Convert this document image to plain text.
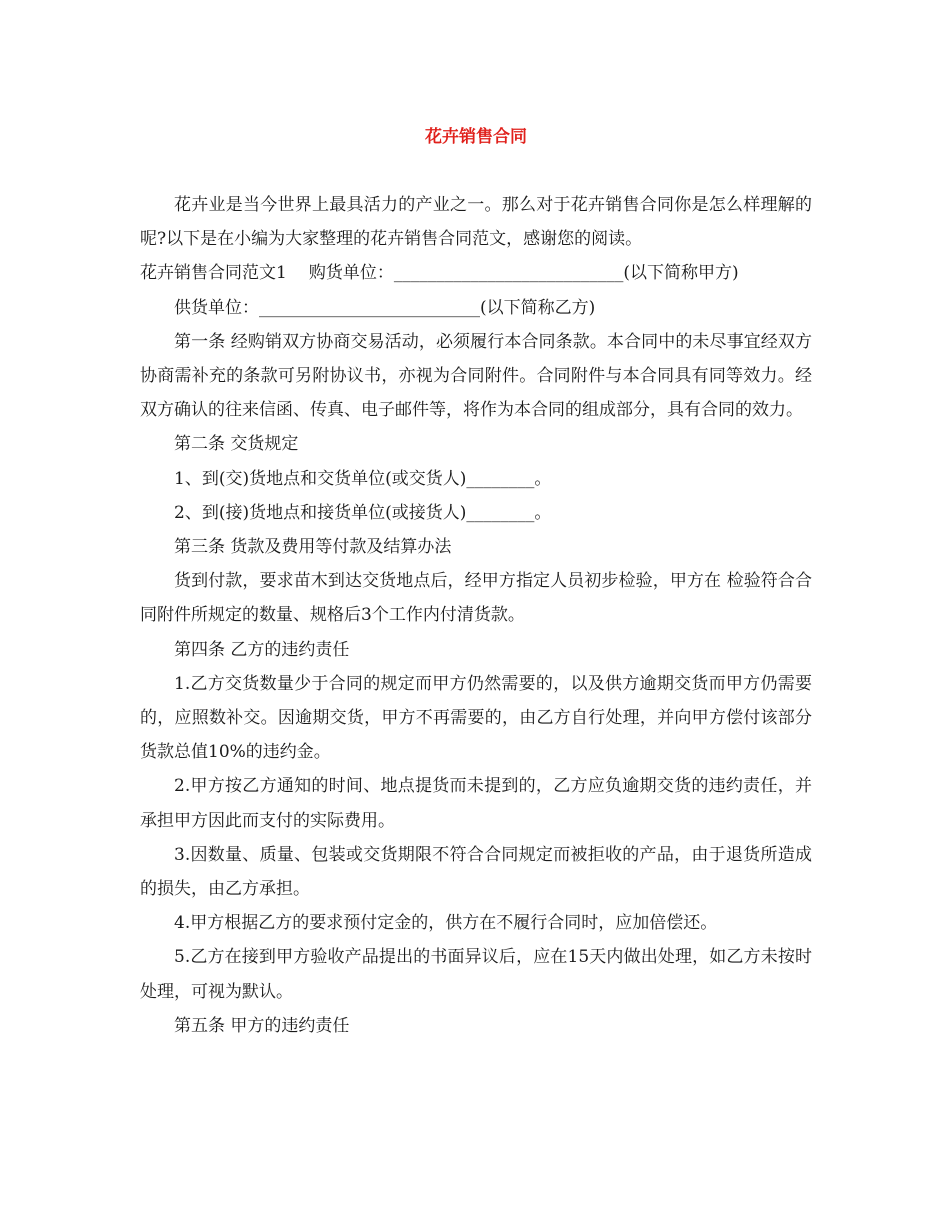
花卉销售合同

花卉业是当今世界上最具活力的产业之一。那么对于花卉销售合同你是怎么样理解的呢?以下是在小编为大家整理的花卉销售合同范文，感谢您的阅读。

花卉销售合同范文1 购货单位：___________________________(以下简称甲方)

供货单位：__________________________(以下简称乙方)

第一条 经购销双方协商交易活动，必须履行本合同条款。本合同中的未尽事宜经双方协商需补充的条款可另附协议书，亦视为合同附件。合同附件与本合同具有同等效力。经双方确认的往来信函、传真、电子邮件等，将作为本合同的组成部分，具有合同的效力。

第二条 交货规定

1、到(交)货地点和交货单位(或交货人)________。

2、到(接)货地点和接货单位(或接货人)________。

第三条 货款及费用等付款及结算办法

货到付款，要求苗木到达交货地点后，经甲方指定人员初步检验，甲方在 检验符合合同附件所规定的数量、规格后3个工作内付清货款。

第四条 乙方的违约责任

1.乙方交货数量少于合同的规定而甲方仍然需要的，以及供方逾期交货而甲方仍需要的，应照数补交。因逾期交货，甲方不再需要的，由乙方自行处理，并向甲方偿付该部分货款总值10%的违约金。

2.甲方按乙方通知的时间、地点提货而未提到的，乙方应负逾期交货的违约责任，并承担甲方因此而支付的实际费用。

3.因数量、质量、包装或交货期限不符合合同规定而被拒收的产品，由于退货所造成的损失，由乙方承担。

4.甲方根据乙方的要求预付定金的，供方在不履行合同时，应加倍偿还。

5.乙方在接到甲方验收产品提出的书面异议后，应在15天内做出处理，如乙方未按时处理，可视为默认。

第五条 甲方的违约责任
